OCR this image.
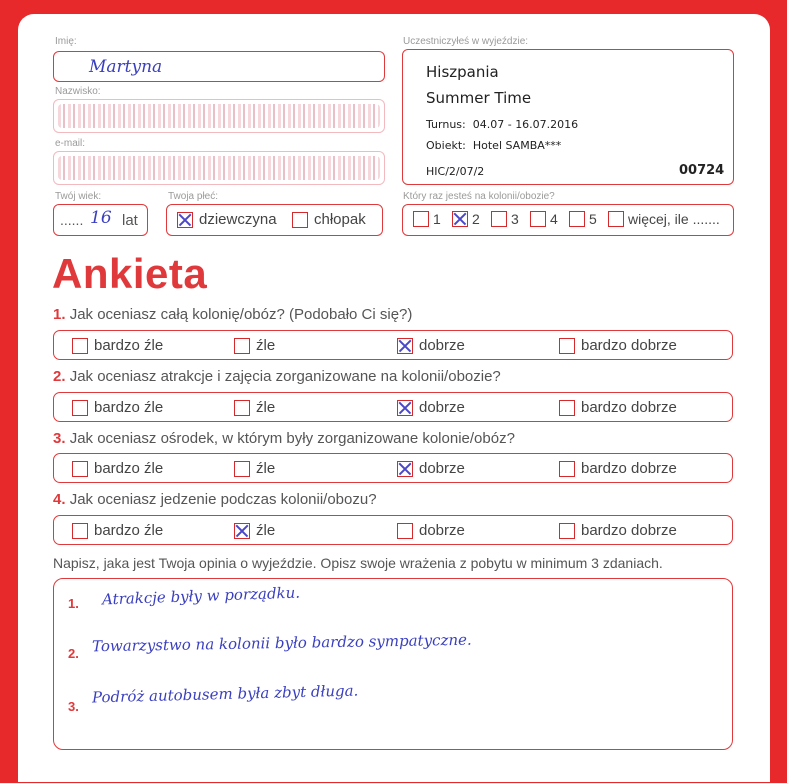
Imię:
Martyna
Nazwisko:
e-mail:
Twój wiek:
...... 16 lat
Twoja płeć:
dziewczyna chłopak
Uczestniczyłeś w wyjeździe:
Hiszpania
Summer Time
Turnus: 04.07 - 16.07.2016
Obiekt: Hotel SAMBA***
HIC/2/07/2	00724
Który raz jesteś na kolonii/obozie?
1 2 3 4 5 więcej, ile .......
Ankieta
1. Jak oceniasz całą kolonię/obóz? (Podobało Ci się?)
bardzo źle	źle	dobrze	bardzo dobrze
2. Jak oceniasz atrakcje i zajęcia zorganizowane na kolonii/obozie?
bardzo źle	źle	dobrze	bardzo dobrze
3. Jak oceniasz ośrodek, w którym były zorganizowane kolonie/obóz?
bardzo źle	źle	dobrze	bardzo dobrze
4. Jak oceniasz jedzenie podczas kolonii/obozu?
bardzo źle	źle	dobrze	bardzo dobrze
Napisz, jaka jest Twoja opinia o wyjeździe. Opisz swoje wrażenia z pobytu w minimum 3 zdaniach.
1. Atrakcje były w porządku.
2. Towarzystwo na kolonii było bardzo sympatyczne.
3.
Podróż autobusem była zbyt długa.
